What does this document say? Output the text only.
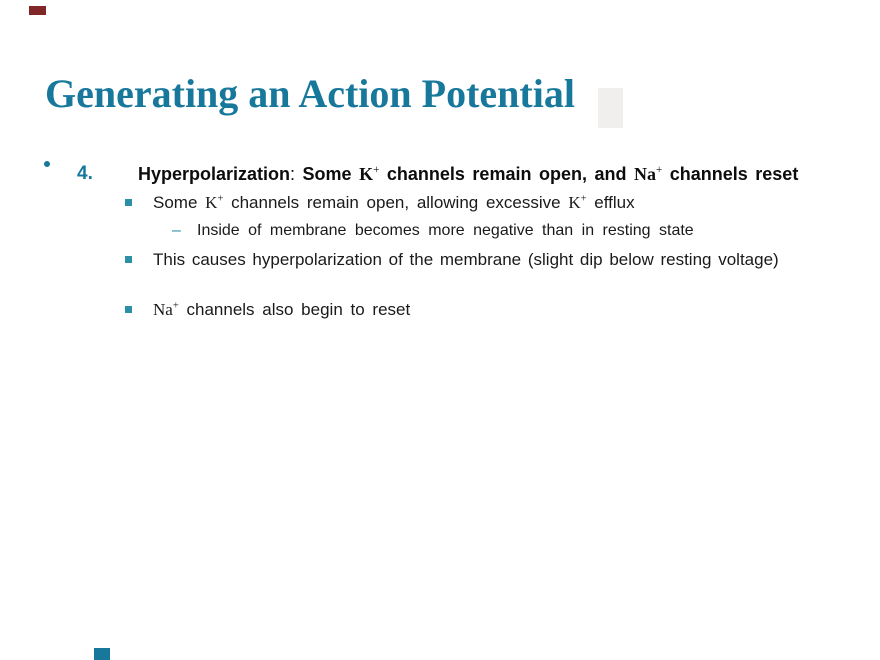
Generating an Action Potential
4.	Hyperpolarization: Some K+ channels remain open, and Na+ channels reset

Some K+ channels remain open, allowing excessive K+ efflux

–	Inside of membrane becomes more negative than in resting state

This causes hyperpolarization of the membrane (slight dip below resting voltage)

Na+ channels also begin to reset
